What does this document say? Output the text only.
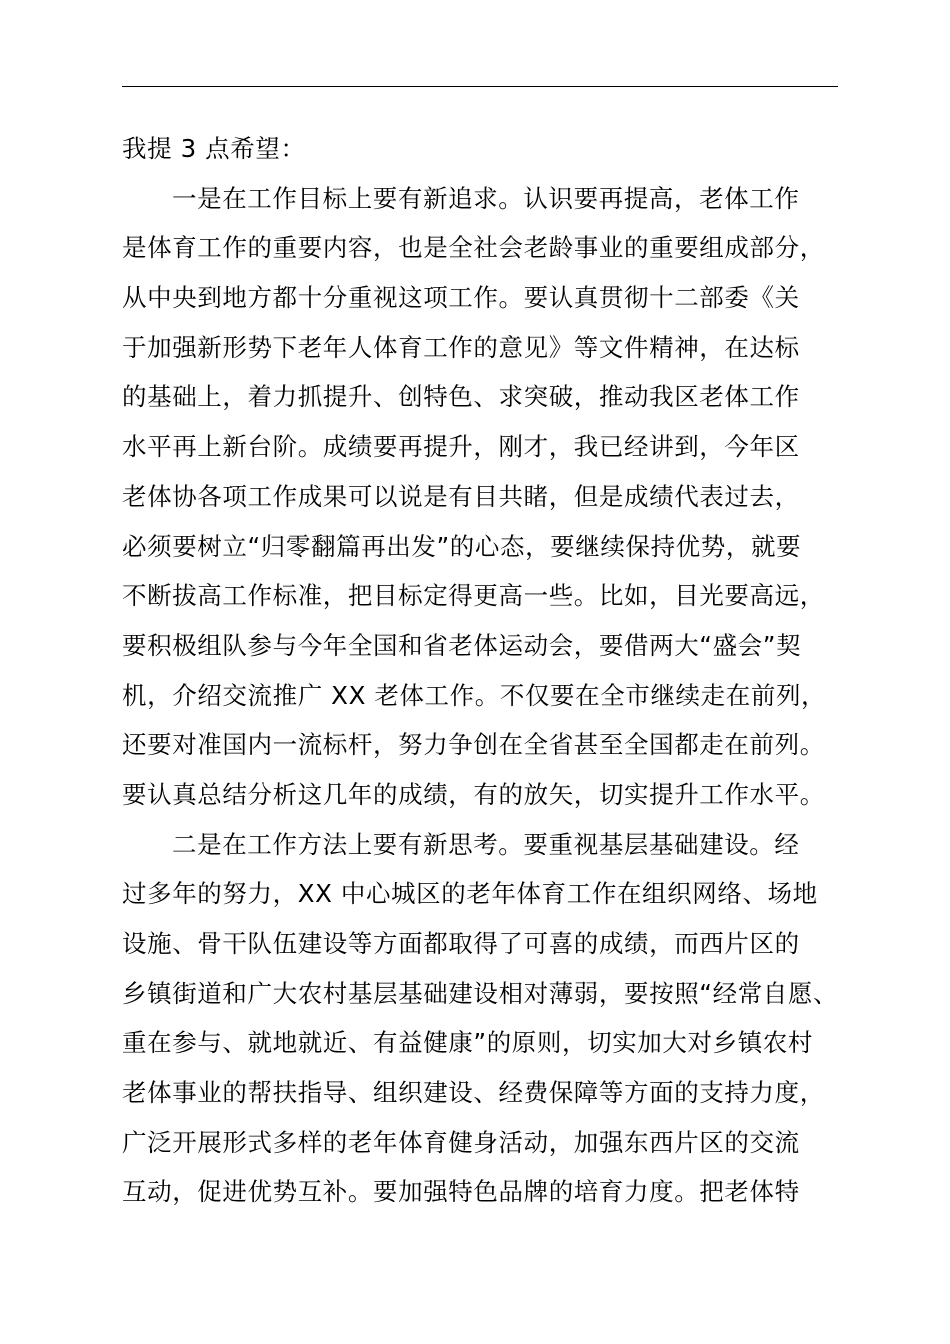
我提 3 点希望：
一是在工作目标上要有新追求。认识要再提高，老体工作
是体育工作的重要内容，也是全社会老龄事业的重要组成部分，
从中央到地方都十分重视这项工作。要认真贯彻十二部委《关
于加强新形势下老年人体育工作的意见》等文件精神，在达标
的基础上，着力抓提升、创特色、求突破，推动我区老体工作
水平再上新台阶。成绩要再提升，刚才，我已经讲到，今年区
老体协各项工作成果可以说是有目共睹，但是成绩代表过去，
必须要树立“归零翻篇再出发”的心态，要继续保持优势，就要
不断拔高工作标准，把目标定得更高一些。比如，目光要高远，
要积极组队参与今年全国和省老体运动会，要借两大“盛会”契
机，介绍交流推广 XX 老体工作。不仅要在全市继续走在前列，
还要对准国内一流标杆，努力争创在全省甚至全国都走在前列。
要认真总结分析这几年的成绩，有的放矢，切实提升工作水平。
二是在工作方法上要有新思考。要重视基层基础建设。经
过多年的努力，XX 中心城区的老年体育工作在组织网络、场地
设施、骨干队伍建设等方面都取得了可喜的成绩，而西片区的
乡镇街道和广大农村基层基础建设相对薄弱，要按照“经常自愿、
重在参与、就地就近、有益健康”的原则，切实加大对乡镇农村
老体事业的帮扶指导、组织建设、经费保障等方面的支持力度，
广泛开展形式多样的老年体育健身活动，加强东西片区的交流
互动，促进优势互补。要加强特色品牌的培育力度。把老体特
